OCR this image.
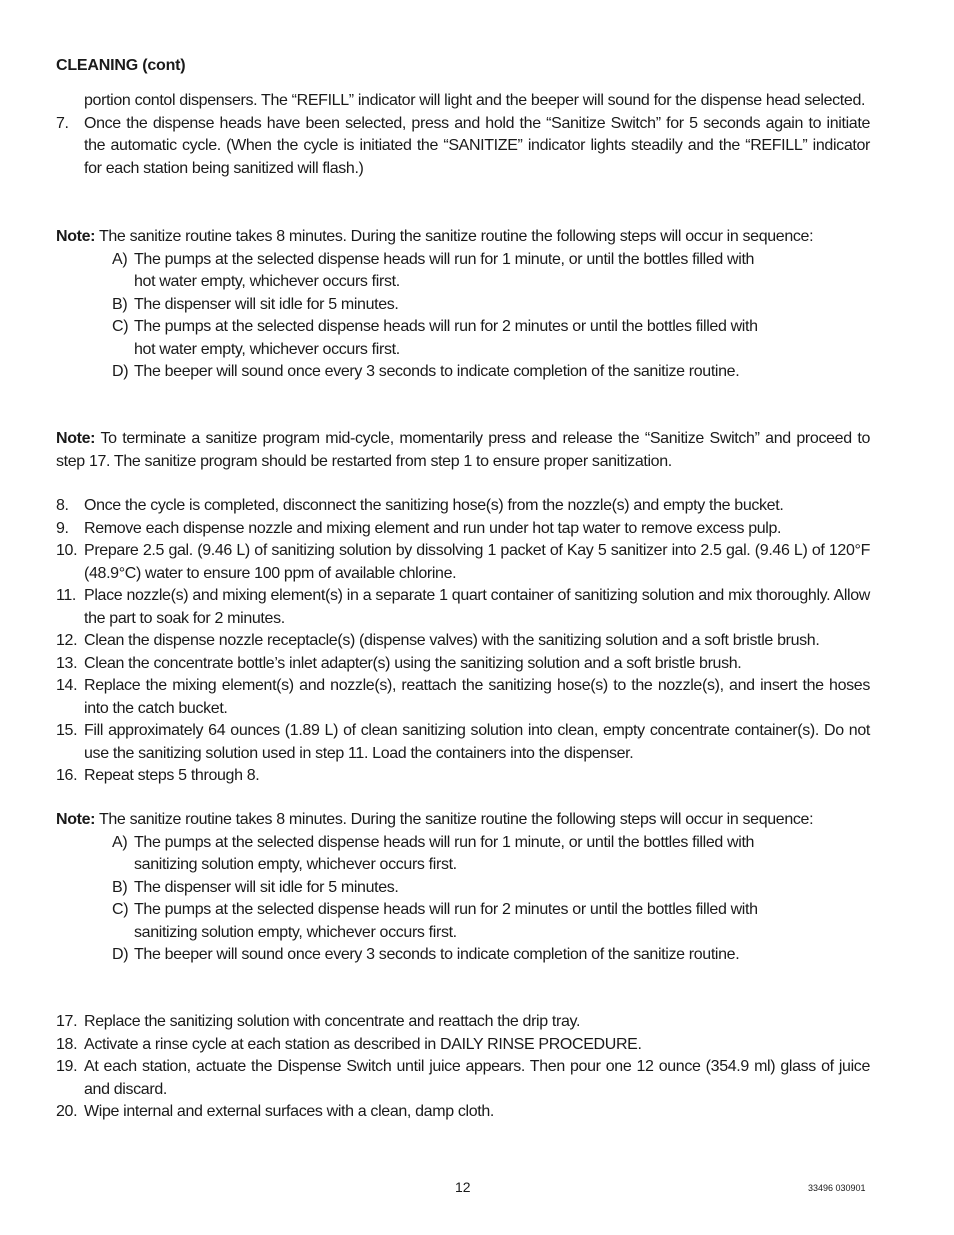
CLEANING (cont)

portion contol dispensers. The “REFILL” indicator will light and the beeper will sound for the dispense head selected.

7. Once the dispense heads have been selected, press and hold the “Sanitize Switch” for 5 seconds again to initiate the automatic cycle. (When the cycle is initiated the “SANITIZE” indicator lights steadily and the “REFILL” indicator for each station being sanitized will flash.)

Note: The sanitize routine takes 8 minutes. During the sanitize routine the following steps will occur in sequence:

A) The pumps at the selected dispense heads will run for 1 minute, or until the bottles filled with hot water empty, whichever occurs first.
B) The dispenser will sit idle for 5 minutes.
C) The pumps at the selected dispense heads will run for 2 minutes or until the bottles filled with hot water empty, whichever occurs first.
D) The beeper will sound once every 3 seconds to indicate completion of the sanitize routine.

Note: To terminate a sanitize program mid-cycle, momentarily press and release the “Sanitize Switch” and proceed to step 17. The sanitize program should be restarted from step 1 to ensure proper sanitization.

8. Once the cycle is completed, disconnect the sanitizing hose(s) from the nozzle(s) and empty the bucket.
9. Remove each dispense nozzle and mixing element and run under hot tap water to remove excess pulp.
10. Prepare 2.5 gal. (9.46 L) of sanitizing solution by dissolving 1 packet of Kay 5 sanitizer into 2.5 gal. (9.46 L) of 120°F (48.9°C) water to ensure 100 ppm of available chlorine.
11. Place nozzle(s) and mixing element(s) in a separate 1 quart container of sanitizing solution and mix thoroughly. Allow the part to soak for 2 minutes.
12. Clean the dispense nozzle receptacle(s) (dispense valves) with the sanitizing solution and a soft bristle brush.
13. Clean the concentrate bottle’s inlet adapter(s) using the sanitizing solution and a soft bristle brush.
14. Replace the mixing element(s) and nozzle(s), reattach the sanitizing hose(s) to the nozzle(s), and insert the hoses into the catch bucket.
15. Fill approximately 64 ounces (1.89 L) of clean sanitizing solution into clean, empty concentrate container(s). Do not use the sanitizing solution used in step 11. Load the containers into the dispenser.
16. Repeat steps 5 through 8.

Note: The sanitize routine takes 8 minutes. During the sanitize routine the following steps will occur in sequence:

A) The pumps at the selected dispense heads will run for 1 minute, or until the bottles filled with sanitizing solution empty, whichever occurs first.
B) The dispenser will sit idle for 5 minutes.
C) The pumps at the selected dispense heads will run for 2 minutes or until the bottles filled with sanitizing solution empty, whichever occurs first.
D) The beeper will sound once every 3 seconds to indicate completion of the sanitize routine.
17. Replace the sanitizing solution with concentrate and reattach the drip tray.
18. Activate a rinse cycle at each station as described in DAILY RINSE PROCEDURE.
19. At each station, actuate the Dispense Switch until juice appears. Then pour one 12 ounce (354.9 ml) glass of juice and discard.
20. Wipe internal and external surfaces with a clean, damp cloth.
12	33496 030901
